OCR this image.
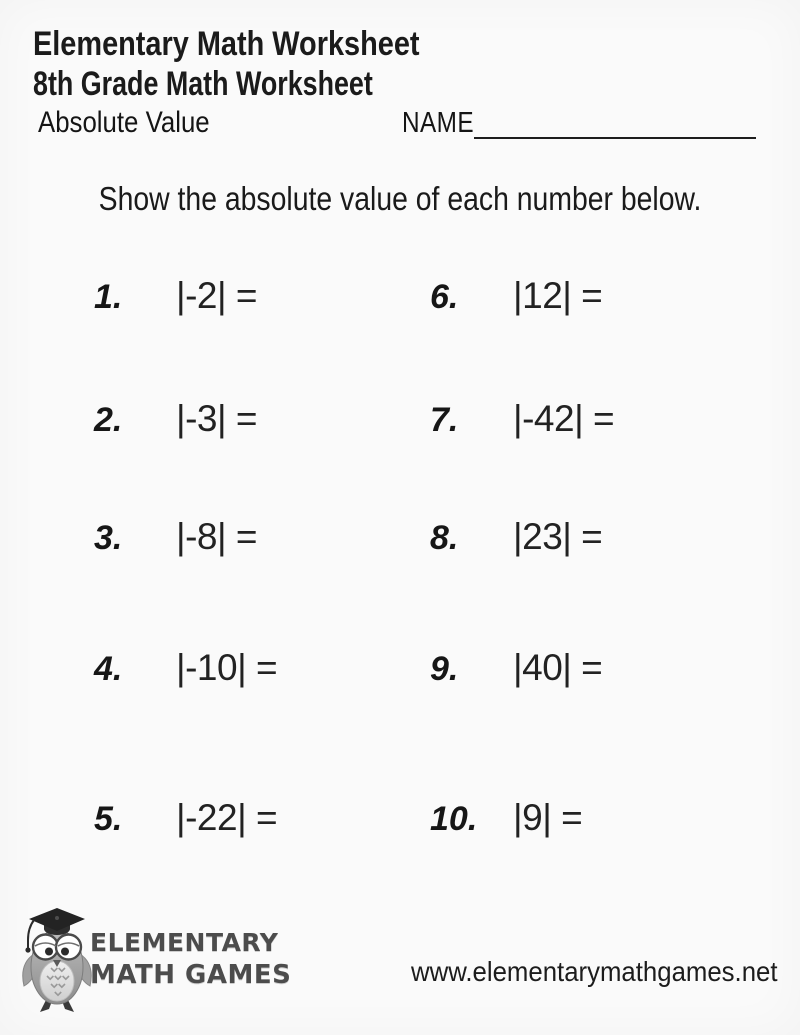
Elementary Math Worksheet
8th Grade Math Worksheet
Absolute Value	NAME

Show the absolute value of each number below.

1.	|-2| =
2.	|-3| =
3.	|-8| =
4.	|-10| =
5.	|-22| =
6.	|12| =
7.	|-42| =
8.	|23| =
9.	|40| =
10. |9| =
ELEMENTARY
MATH GAMES	www.elementarymathgames.net
